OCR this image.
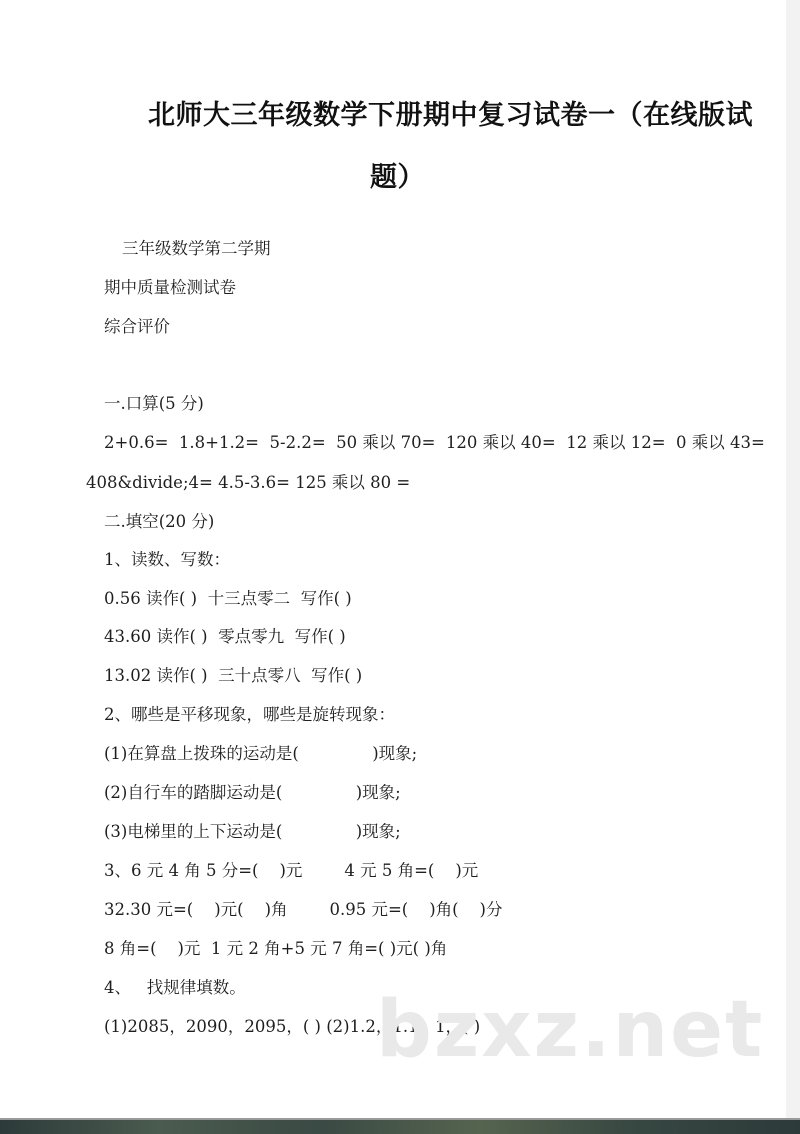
北师大三年级数学下册期中复习试卷一（在线版试
题）
三年级数学第二学期
期中质量检测试卷
综合评价
一.口算(5 分)
2+0.6=  1.8+1.2=  5-2.2=  50 乘以 70=  120 乘以 40=  12 乘以 12=  0 乘以 43=
408&divide;4= 4.5-3.6= 125 乘以 80 =
二.填空(20 分)
1、读数、写数：
0.56 读作( )  十三点零二  写作( )
43.60 读作( )  零点零九  写作( )
13.02 读作( )  三十点零八  写作( )
2、哪些是平移现象，哪些是旋转现象：
(1)在算盘上拨珠的运动是(              )现象;
(2)自行车的踏脚运动是(              )现象;
(3)电梯里的上下运动是(              )现象;
3、6 元 4 角 5 分=(    )元        4 元 5 角=(    )元
32.30 元=(    )元(    )角        0.95 元=(    )角(    )分
8 角=(    )元  1 元 2 角+5 元 7 角=( )元( )角
4、   找规律填数。
(1)2085，2090，2095，( ) (2)1.2，1.1，1，( )
bzxz.net
